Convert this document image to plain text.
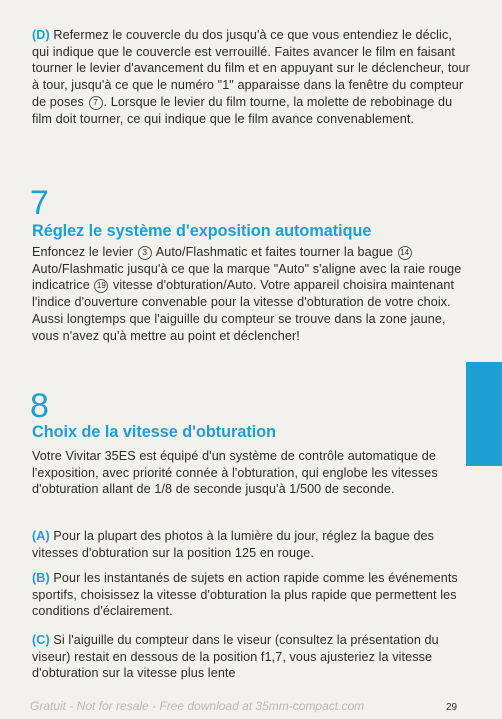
(D) Refermez le couvercle du dos jusqu'à ce que vous entendiez le déclic, qui indique que le couvercle est verrouillé. Faites avancer le film en faisant tourner le levier d'avancement du film et en appuyant sur le déclencheur, tour à tour, jusqu'à ce que le numéro "1" apparaisse dans la fenêtre du compteur de poses 7 . Lorsque le levier du film tourne, la molette de rebobinage du film doit tourner, ce qui indique que le film avance convenablement.

7
Réglez le système d'exposition automatique

Enfoncez le levier 3 Auto/Flashmatic et faites tourner la bague 14 Auto/Flashmatic jusqu'à ce que la marque "Auto" s'aligne avec la raie rouge indicatrice 19 vitesse d'obturation/Auto. Votre appareil choisira maintenant l'indice d'ouverture convenable pour la vitesse d'obturation de votre choix. Aussi longtemps que l'aiguille du compteur se trouve dans la zone jaune, vous n'avez qu'à mettre au point et déclencher!

8
Choix de la vitesse d'obturation

Votre Vivitar 35ES est équipé d'un système de contrôle automatique de l'exposition, avec priorité connée à l'obturation, qui englobe les vitesses d'obturation allant de 1/8 de seconde jusqu'à 1/500 de seconde.

(A) Pour la plupart des photos à la lumière du jour, réglez la bague des vitesses d'obturation sur la position 125 en rouge.

(B) Pour les instantanés de sujets en action rapide comme les événements sportifs, choisissez la vitesse d'obturation la plus rapide que permettent les conditions d'éclairement.

(C) Si l'aiguille du compteur dans le viseur (consultez la présentation du viseur) restait en dessous de la position f1,7, vous ajusteriez la vitesse d'obturation sur la vitesse plus lente

Gratuit - Not for resale - Free download at 35mm-compact.com	29
